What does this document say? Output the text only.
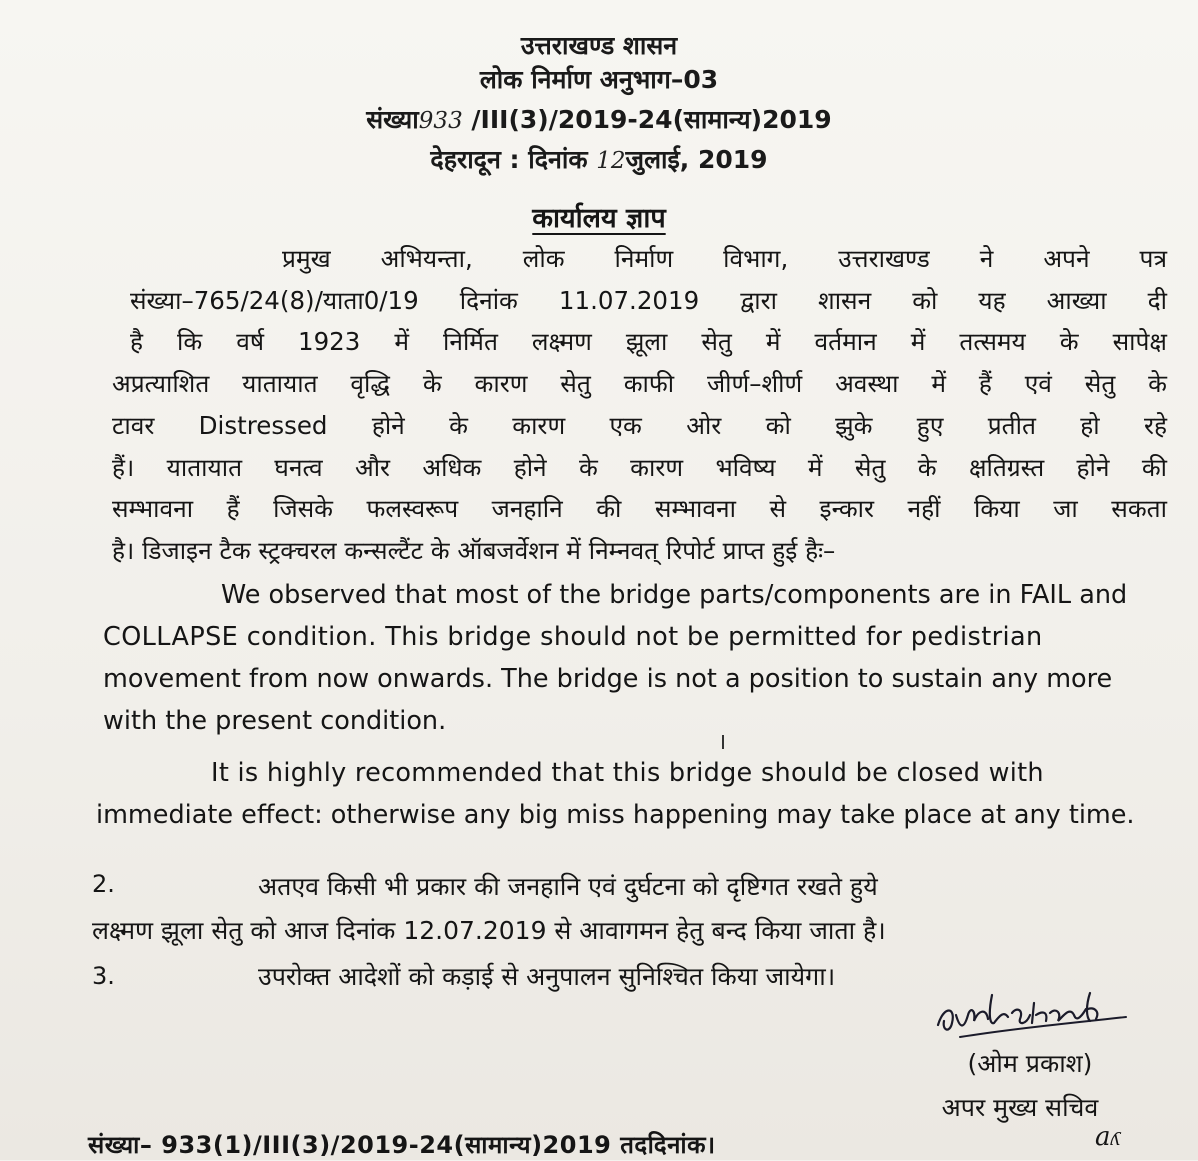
उत्तराखण्ड शासन
लोक निर्माण अनुभाग–03
संख्या933 /III(3)/2019-24(सामान्य)2019
देहरादून : दिनांक 12जुलाई, 2019
कार्यालय ज्ञाप
प्रमुख अभियन्ता, लोक निर्माण विभाग, उत्तराखण्ड ने अपने पत्र
संख्या–765/24(8)/याता0/19 दिनांक 11.07.2019 द्वारा शासन को यह आख्या दी
है कि वर्ष 1923 में निर्मित लक्ष्मण झूला सेतु में वर्तमान में तत्समय के सापेक्ष
अप्रत्याशित यातायात वृद्धि के कारण सेतु काफी जीर्ण–शीर्ण अवस्था में हैं एवं सेतु के
टावर Distressed होने के कारण एक ओर को झुके हुए प्रतीत हो रहे
हैं। यातायात घनत्व और अधिक होने के कारण भविष्य में सेतु के क्षतिग्रस्त होने की
सम्भावना हैं जिसके फलस्वरूप जनहानि की सम्भावना से इन्कार नहीं किया जा सकता
है। डिजाइन टैक स्ट्रक्चरल कन्सल्टैंट के ऑबजर्वेशन में निम्नवत् रिपोर्ट प्राप्त हुई हैः–
We observed that most of the bridge parts/components are in FAIL and
COLLAPSE condition. This bridge should not be permitted for pedistrian
movement from now onwards. The bridge is not a position to sustain any more
with the present condition.
It is highly recommended that this bridge should be closed with
immediate effect: otherwise any big miss happening may take place at any time.
2.	अतएव किसी भी प्रकार की जनहानि एवं दुर्घटना को दृष्टिगत रखते हुये
लक्ष्मण झूला सेतु को आज दिनांक 12.07.2019 से आवागमन हेतु बन्द किया जाता है।
3.	उपरोक्त आदेशों को कड़ाई से अनुपालन सुनिश्चित किया जायेगा।
(ओम प्रकाश)
अपर मुख्य सचिव
संख्या– 933(1)/III(3)/2019-24(सामान्य)2019 तददिनांक।	aʎ
